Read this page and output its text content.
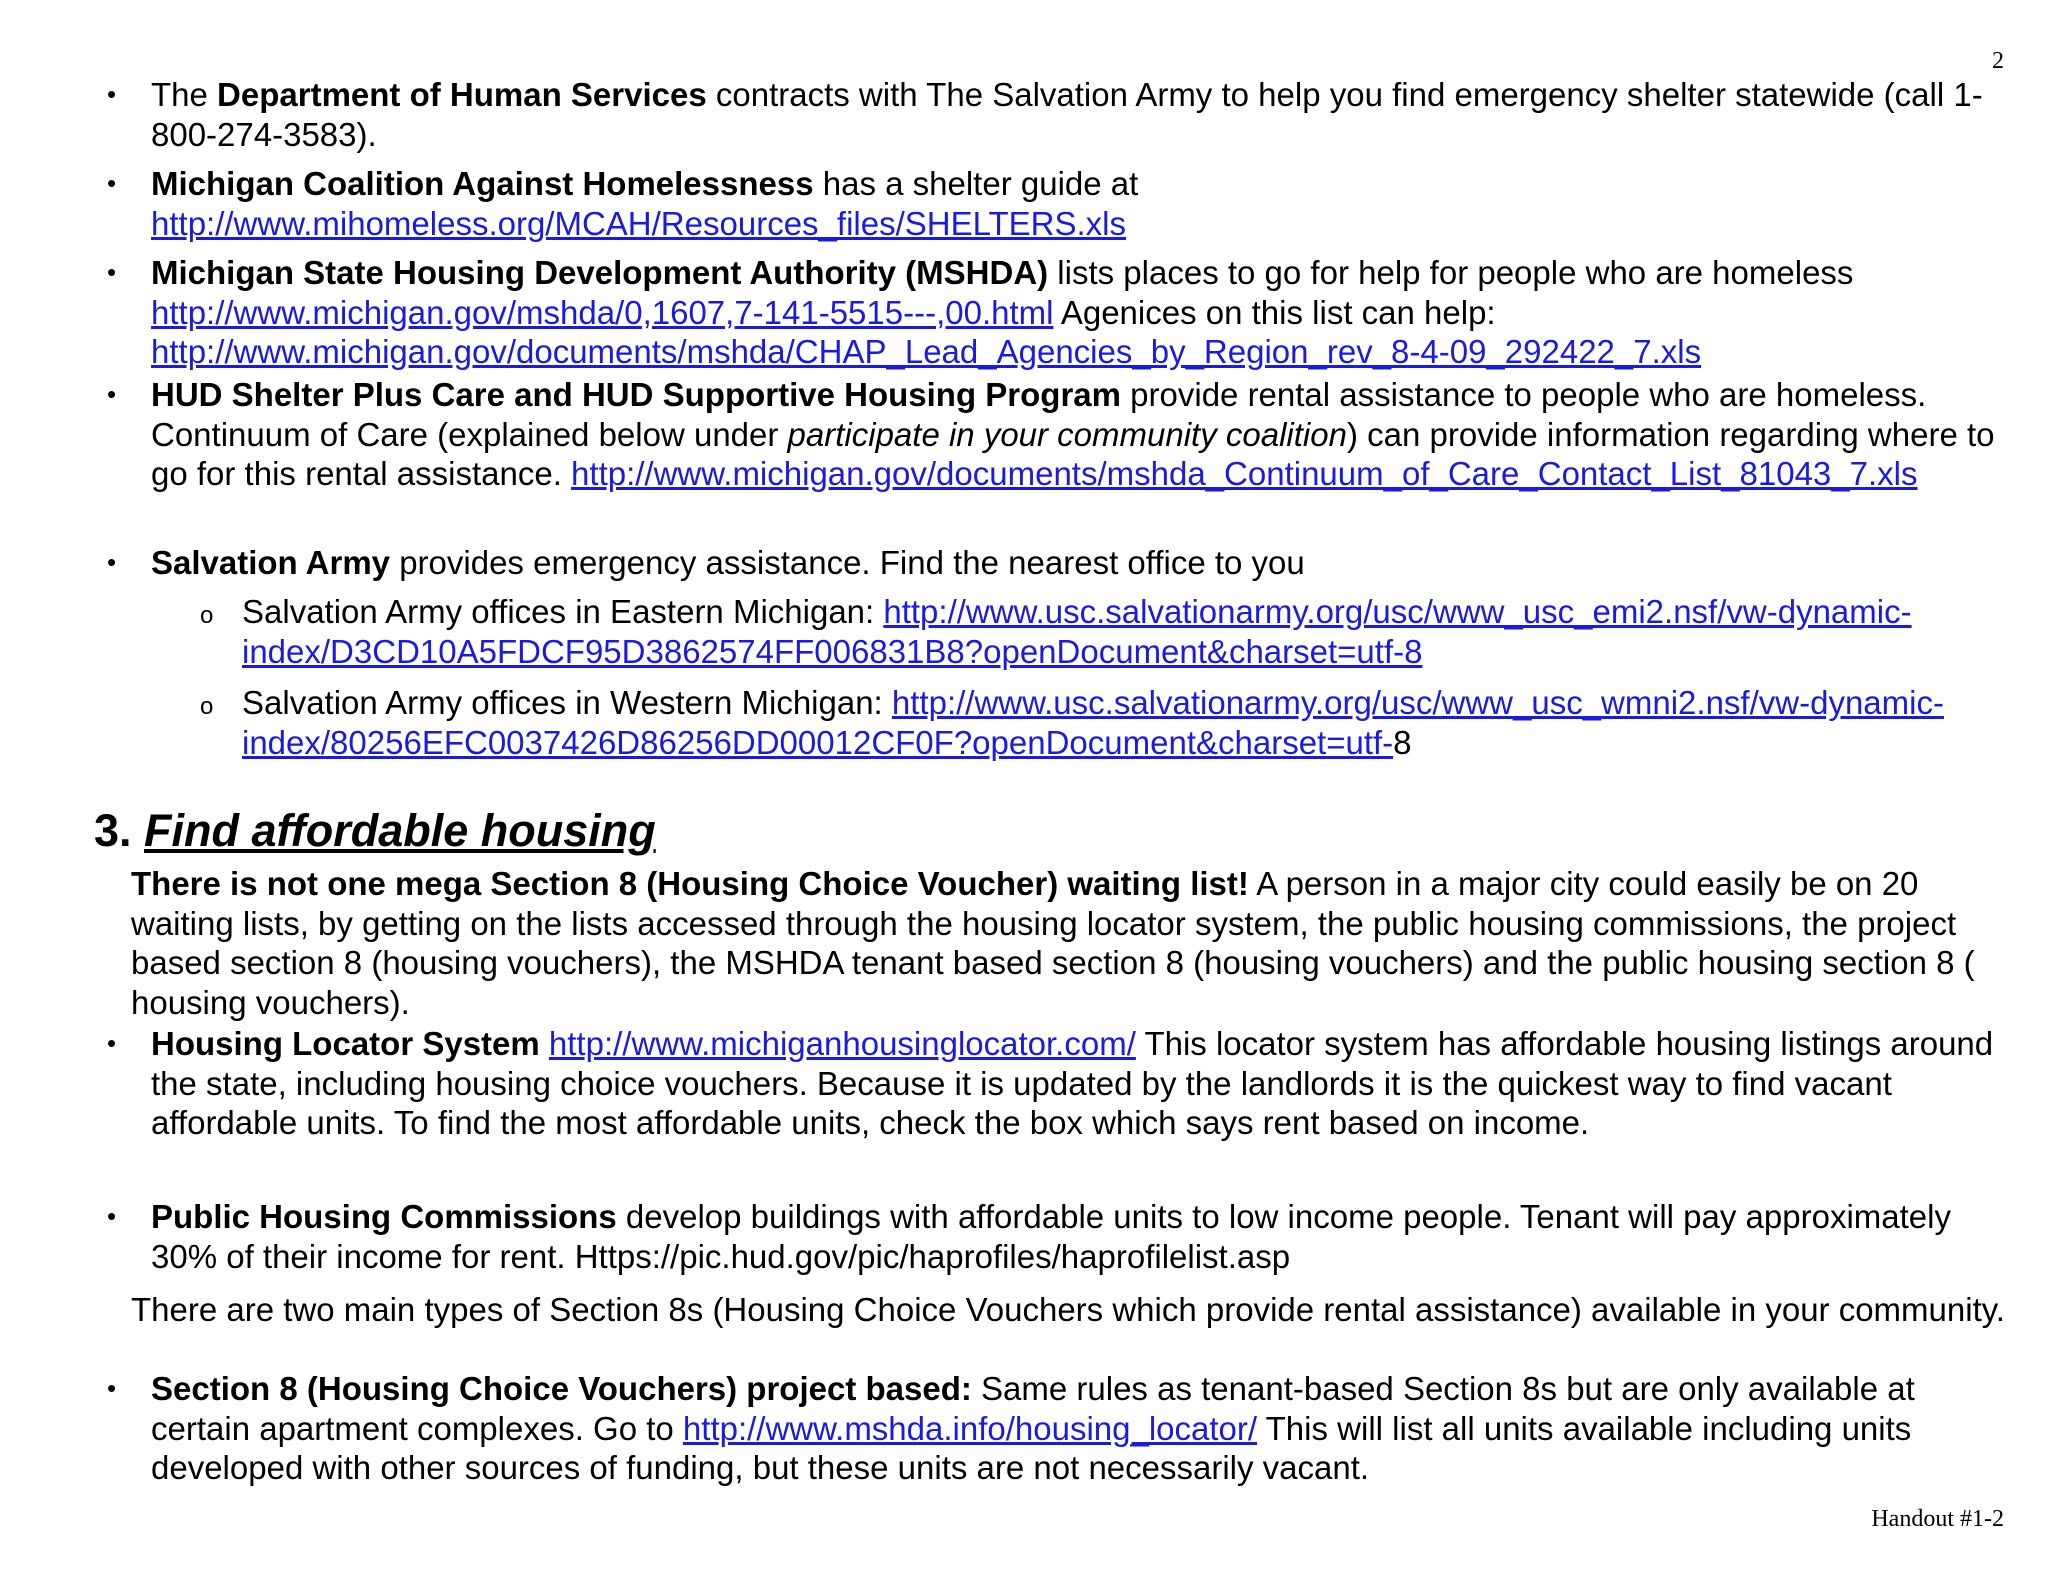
2
• The Department of Human Services contracts with The Salvation Army to help you find emergency shelter statewide (call 1-800-274-3583).
• Michigan Coalition Against Homelessness has a shelter guide at
http://www.mihomeless.org/MCAH/Resources_files/SHELTERS.xls
• Michigan State Housing Development Authority (MSHDA) lists places to go for help for people who are homeless http://www.michigan.gov/mshda/0,1607,7-141-5515---,00.html Agenices on this list can help: http://www.michigan.gov/documents/mshda/CHAP_Lead_Agencies_by_Region_rev_8-4-09_292422_7.xls
• HUD Shelter Plus Care and HUD Supportive Housing Program provide rental assistance to people who are homeless. Continuum of Care (explained below under participate in your community coalition) can provide information regarding where to go for this rental assistance. http://www.michigan.gov/documents/mshda_Continuum_of_Care_Contact_List_81043_7.xls
• Salvation Army provides emergency assistance. Find the nearest office to you
o Salvation Army offices in Eastern Michigan: http://www.usc.salvationarmy.org/usc/www_usc_emi2.nsf/vw-dynamic-index/D3CD10A5FDCF95D3862574FF006831B8?openDocument&charset=utf-8
o Salvation Army offices in Western Michigan: http://www.usc.salvationarmy.org/usc/www_usc_wmni2.nsf/vw-dynamic-index/80256EFC0037426D86256DD00012CF0F?openDocument&charset=utf-8
3. Find affordable housing
There is not one mega Section 8 (Housing Choice Voucher) waiting list! A person in a major city could easily be on 20 waiting lists, by getting on the lists accessed through the housing locator system, the public housing commissions, the project based section 8 (housing vouchers), the MSHDA tenant based section 8 (housing vouchers) and the public housing section 8 ( housing vouchers).
• Housing Locator System http://www.michiganhousinglocator.com/ This locator system has affordable housing listings around the state, including housing choice vouchers. Because it is updated by the landlords it is the quickest way to find vacant affordable units. To find the most affordable units, check the box which says rent based on income.
• Public Housing Commissions develop buildings with affordable units to low income people. Tenant will pay approximately 30% of their income for rent. Https://pic.hud.gov/pic/haprofiles/haprofilelist.asp
There are two main types of Section 8s (Housing Choice Vouchers which provide rental assistance) available in your community.
• Section 8 (Housing Choice Vouchers) project based: Same rules as tenant-based Section 8s but are only available at certain apartment complexes. Go to http://www.mshda.info/housing_locator/ This will list all units available including units developed with other sources of funding, but these units are not necessarily vacant.
Handout #1-2
